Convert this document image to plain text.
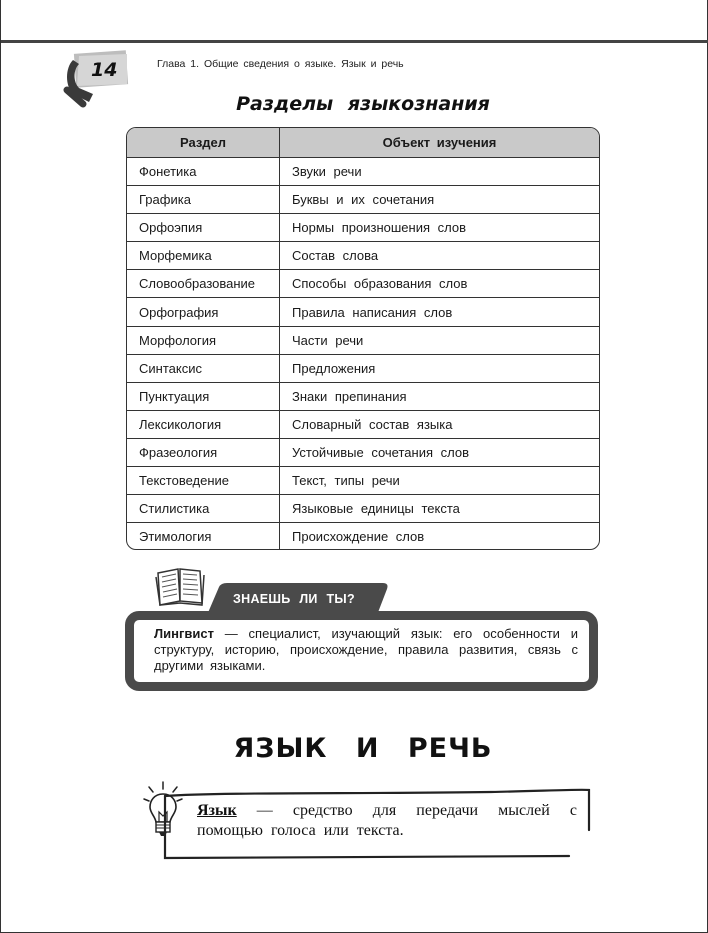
14	Глава 1. Общие сведения о языке. Язык и речь
Разделы языкознания
Раздел	Объект изучения
Фонетика	Звуки речи
Графика	Буквы и их сочетания
Орфоэпия	Нормы произношения слов
Морфемика	Состав слова
Словообразование	Способы образования слов
Орфография	Правила написания слов
Морфология	Части речи
Синтаксис	Предложения
Пунктуация	Знаки препинания
Лексикология	Словарный состав языка
Фразеология	Устойчивые сочетания слов
Текстоведение	Текст, типы речи
Стилистика	Языковые единицы текста
Этимология	Происхождение слов
ЗНАЕШЬ ЛИ ТЫ?
Лингвист — специалист, изучающий язык: его особенности и структуру, историю, происхождение, правила развития, связь с другими языками.
ЯЗЫК И РЕЧЬ
Язык — средство для передачи мыслей с помощью голоса или текста.
